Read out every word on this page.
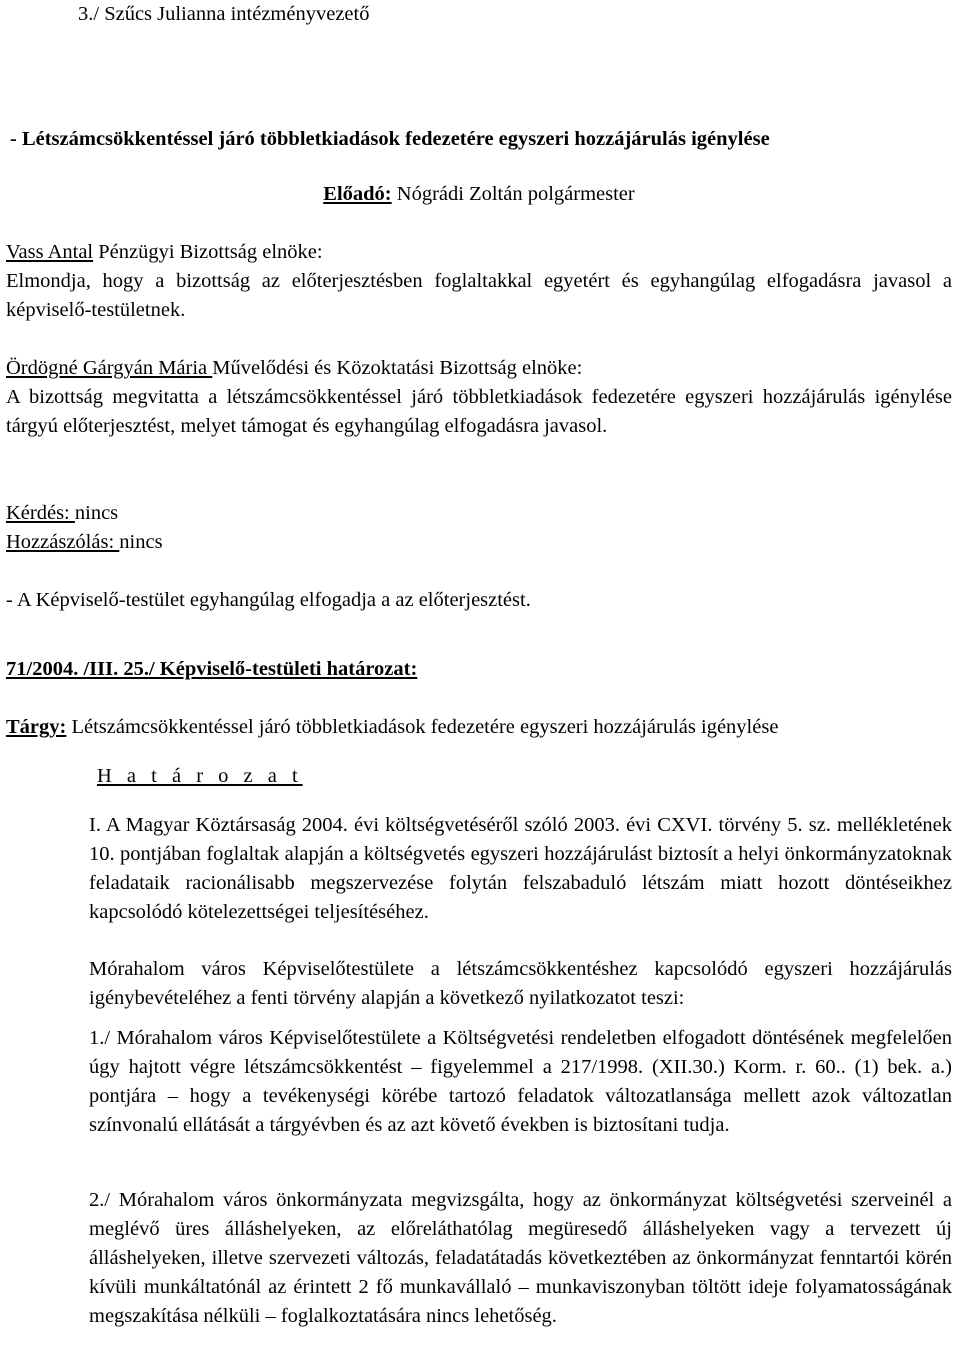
3./ Szűcs Julianna intézményvezető
- Létszámcsökkentéssel járó többletkiadások fedezetére egyszeri hozzájárulás igénylése
Előadó: Nógrádi Zoltán polgármester
Vass Antal Pénzügyi Bizottság elnöke:
Elmondja, hogy a bizottság az előterjesztésben foglaltakkal egyetért és egyhangúlag elfogadásra javasol a képviselő-testületnek.
Ördögné Gárgyán Mária Művelődési és Közoktatási Bizottság elnöke:
A bizottság megvitatta a létszámcsökkentéssel járó többletkiadások fedezetére egyszeri hozzájárulás igénylése tárgyú előterjesztést, melyet támogat és egyhangúlag elfogadásra javasol.
Kérdés: nincs
Hozzászólás: nincs
- A Képviselő-testület egyhangúlag elfogadja a az előterjesztést.
71/2004. /III. 25./ Képviselő-testületi határozat:
Tárgy: Létszámcsökkentéssel járó többletkiadások fedezetére egyszeri hozzájárulás igénylése
H a t á r o z a t
I. A Magyar Köztársaság 2004. évi költségvetéséről szóló 2003. évi CXVI. törvény 5. sz. mellékletének 10. pontjában foglaltak alapján a költségvetés egyszeri hozzájárulást biztosít a helyi önkormányzatoknak feladataik racionálisabb megszervezése folytán felszabaduló létszám miatt hozott döntéseikhez kapcsolódó kötelezettségei teljesítéséhez.
Mórahalom város Képviselőtestülete a létszámcsökkentéshez kapcsolódó egyszeri hozzájárulás igénybevételéhez a fenti törvény alapján a következő nyilatkozatot teszi:
1./ Mórahalom város Képviselőtestülete a Költségvetési rendeletben elfogadott döntésének megfelelően úgy hajtott végre létszámcsökkentést – figyelemmel a 217/1998. (XII.30.) Korm. r. 60.. (1) bek. a.) pontjára – hogy a tevékenységi körébe tartozó feladatok változatlansága mellett azok változatlan színvonalú ellátását a tárgyévben és az azt követő években is biztosítani tudja.
2./ Mórahalom város önkormányzata megvizsgálta, hogy az önkormányzat költségvetési szerveinél a meglévő üres álláshelyeken, az előreláthatólag megüresedő álláshelyeken vagy a tervezett új álláshelyeken, illetve szervezeti változás, feladatátadás következtében az önkormányzat fenntartói körén kívüli munkáltatónál az érintett 2 fő munkavállaló – munkaviszonyban töltött ideje folyamatosságának megszakítása nélküli – foglalkoztatására nincs lehetőség.
